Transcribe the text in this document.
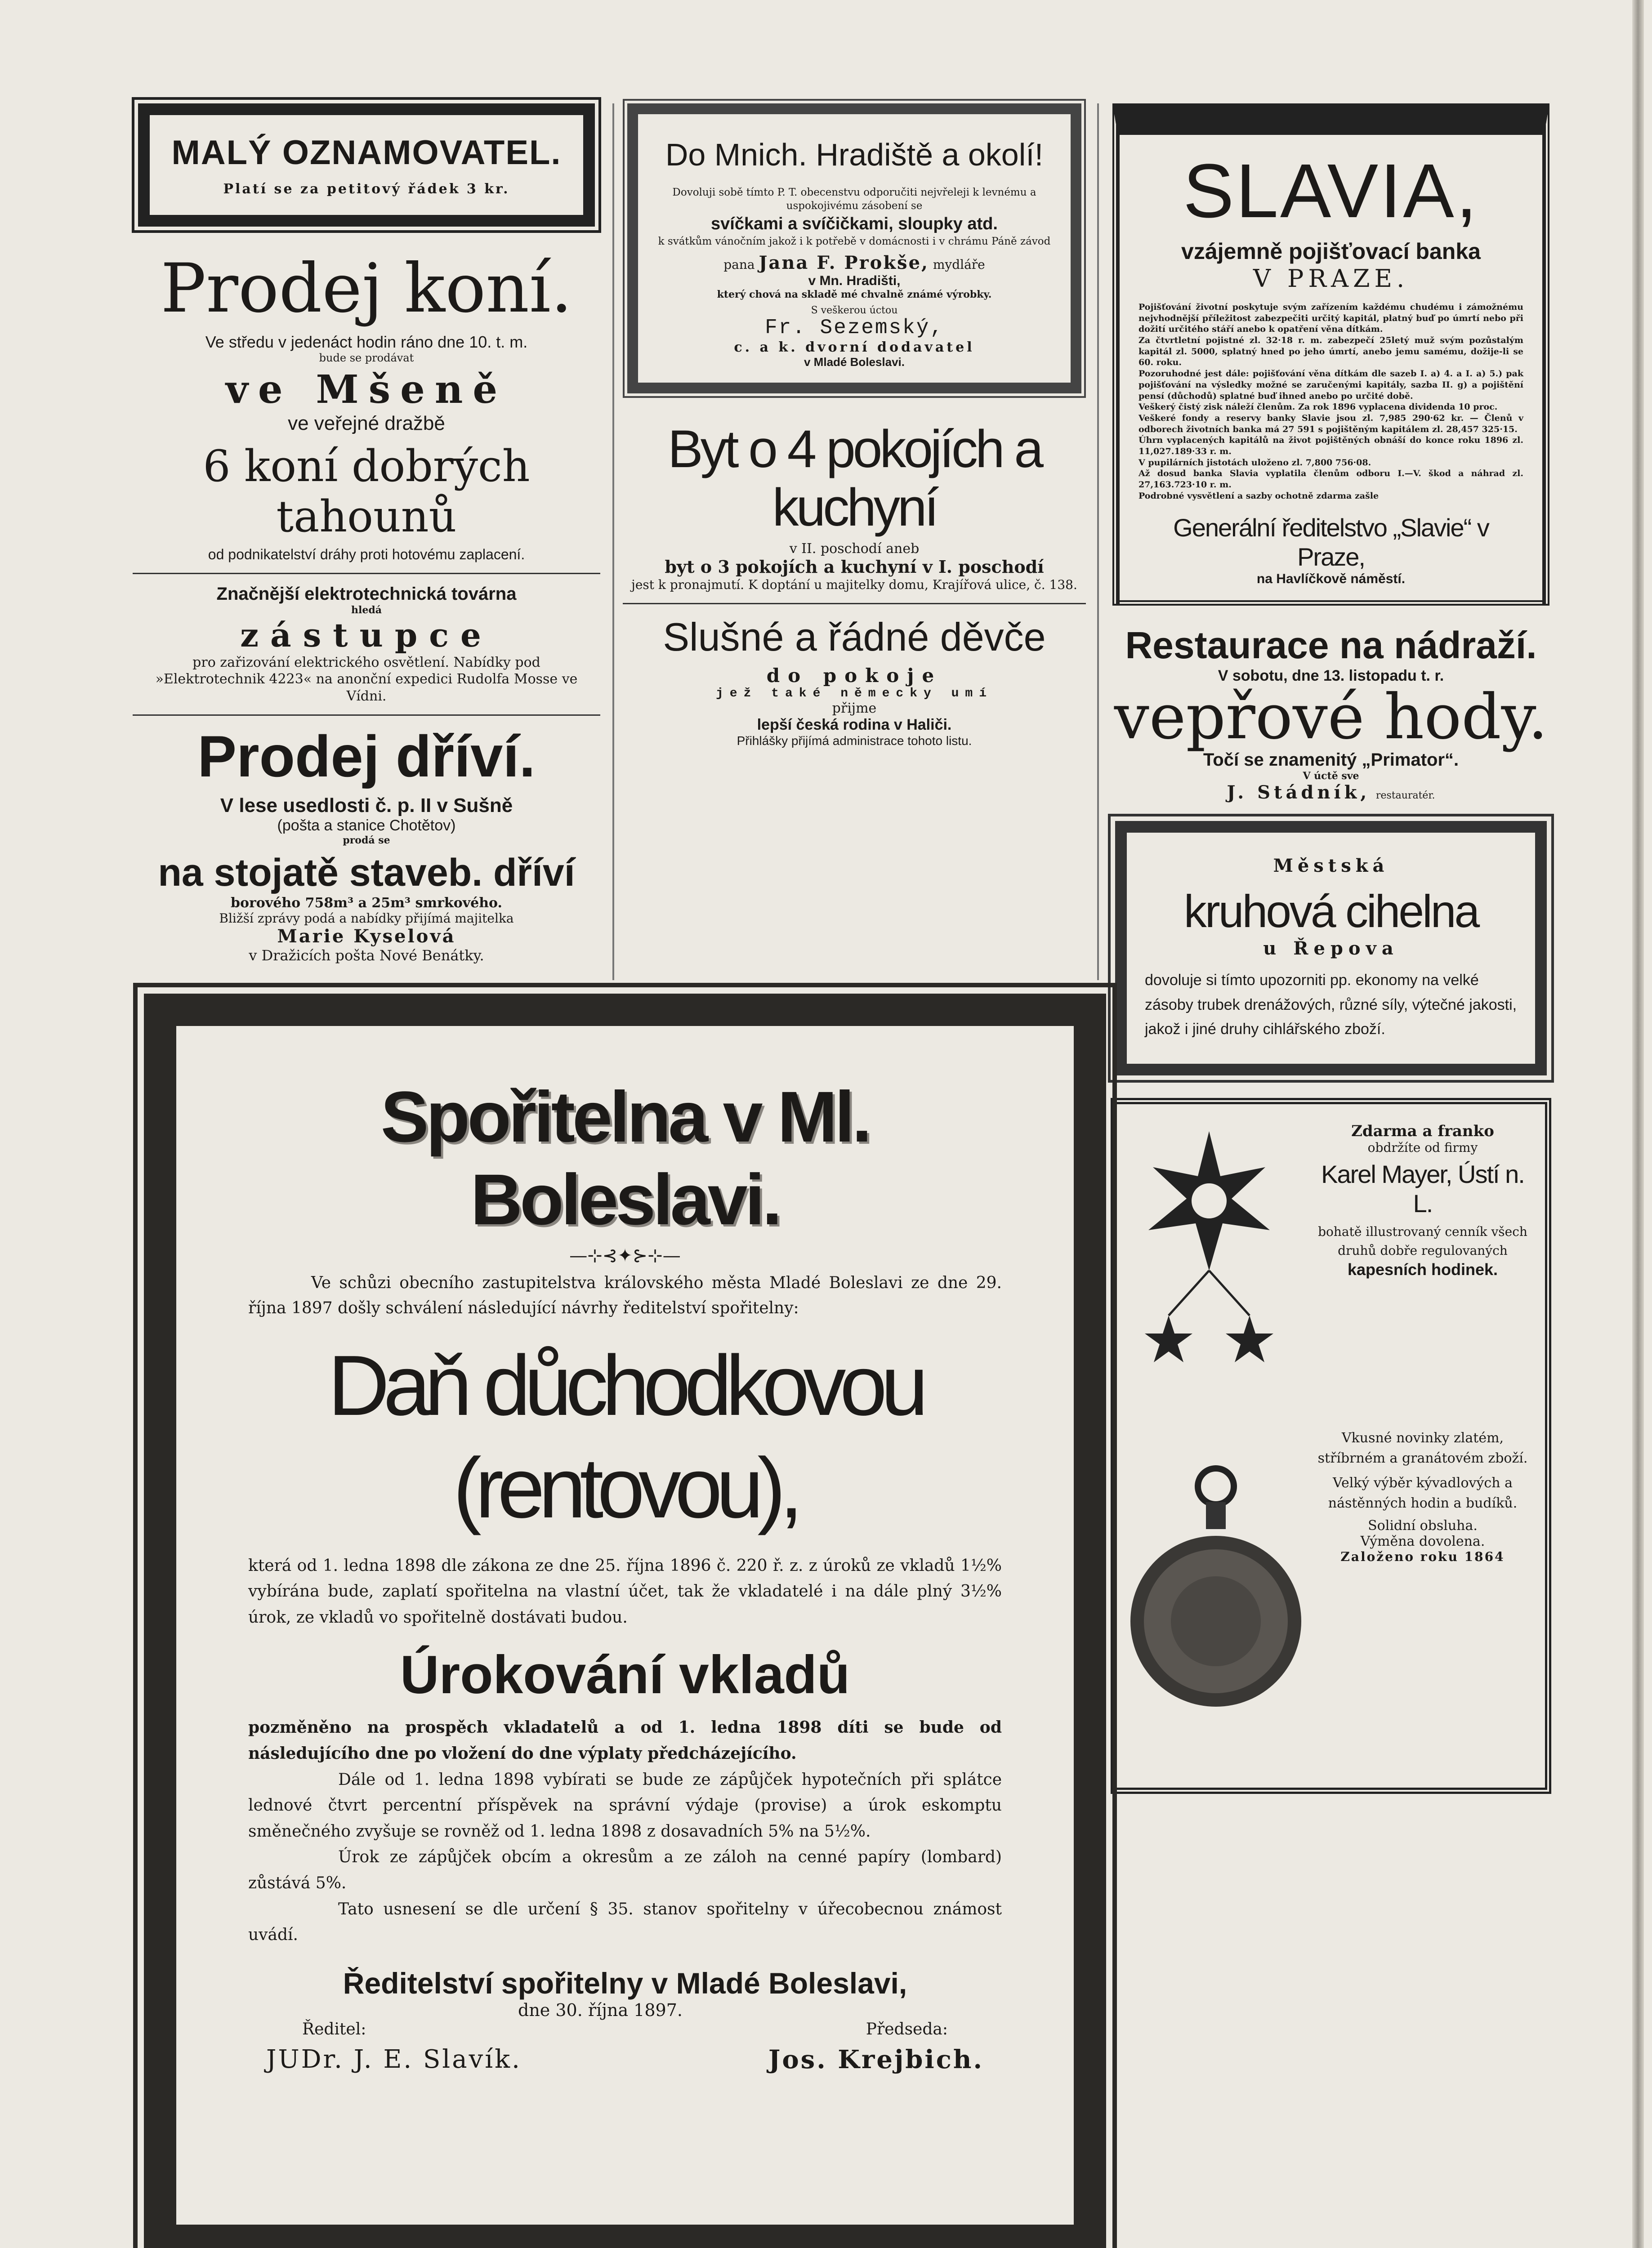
MALÝ OZNAMOVATEL.
Platí se za petitový řádek 3 kr.
Prodej koní.
Ve středu v jedenáct hodin ráno dne 10. t. m.
bude se prodávat
ve Mšeně
ve veřejné dražbě
6 koní dobrých tahounů
od podnikatelství dráhy proti hotovému zaplacení.
Značnější elektrotechnická továrna
hledá
zástupce
pro zařizování elektrického osvětlení. Nabídky pod »Elektrotechnik 4223« na anonční expedici Rudolfa Mosse ve Vídni.
Prodej dříví.
V lese usedlosti č. p. II v Sušně
(pošta a stanice Chotětov)
prodá se
na stojatě staveb. dříví
borového 758m³ a 25m³ smrkového.
Bližší zprávy podá a nabídky přijímá majitelka
Marie Kyselová
v Dražicích pošta Nové Benátky.
Do Mnich. Hradiště a okolí!
Dovoluji sobě tímto P. T. obecenstvu odporučiti nejvřeleji k levnému a uspokojivému zásobení se
svíčkami a svíčičkami, sloupky atd.
k svátkům vánočním jakož i k potřebě v domácnosti i v chrámu Páně závod
pana Jana F. Prokše, mydláře
v Mn. Hradišti,
který chová na skladě mé chvalně známé výrobky.
S veškerou úctou
Fr. Sezemský,
c. a k. dvorní dodavatel
v Mladé Boleslavi.
Byt o 4 pokojích a kuchyní
v II. poschodí aneb
byt o 3 pokojích a kuchyní v I. poschodí
jest k pronajmutí. K doptání u majitelky domu, Krajířová ulice, č. 138.
Slušné a řádné děvče
do pokoje
jež také německy umí
přijme
lepší česká rodina v Haliči.
Přihlášky přijímá administrace tohoto listu.
SLAVIA,
vzájemně pojišťovací banka
V PRAZE.
Pojišťování životní poskytuje svým zařízením každému chudému i zámožnému nejvhodnější příležitost zabezpečiti určitý kapitál, platný buď po úmrtí nebo při dožití určitého stáří anebo k opatření věna dítkám.
Za čtvrtletní pojistné zl. 32·18 r. m. zabezpečí 25letý muž svým pozůstalým kapitál zl. 5000, splatný hned po jeho úmrtí, anebo jemu samému, dožije-li se 60. roku.
Pozoruhodné jest dále: pojišťování věna dítkám dle sazeb I. a) 4. a I. a) 5.) pak pojišťování na výsledky možné se zaručenými kapitály, sazba II. g) a pojištění pensí (důchodů) splatné buď ihned anebo po určité době.
Veškerý čistý zisk náleží členům. Za rok 1896 vyplacena dividenda 10 proc.
Veškeré fondy a reservy banky Slavie jsou zl. 7,985 290·62 kr. — Členů v odborech životních banka má 27 591 s pojištěným kapitálem zl. 28,457 325·15.
Úhrn vyplacených kapitálů na život pojištěných obnáší do konce roku 1896 zl. 11,027.189·33 r. m.
V pupilárních jistotách uloženo zl. 7,800 756·08.
Až dosud banka Slavia vyplatila členům odboru I.—V. škod a náhrad zl. 27,163.723·10 r. m.
Podrobné vysvětlení a sazby ochotně zdarma zašle
Generální ředitelstvo „Slavie“ v Praze,
na Havlíčkově náměstí.
Restaurace na nádraží.
V sobotu, dne 13. listopadu t. r.
vepřové hody.
Točí se znamenitý „Primator“.
V úctě sve
J. Stádník, restauratér.
Městská
kruhová cihelna
u Řepova
dovoluje si tímto upozorniti pp. ekonomy na velké zásoby trubek drenážových, různé síly, výtečné jakosti, jakož i jiné druhy cihlářského zboží.
Zdarma a franko
obdržíte od firmy
Karel Mayer, Ústí n. L.
bohatě illustrovaný cenník všech druhů dobře regulovaných
kapesních hodinek.
Vkusné novinky zlatém, stříbrném a granátovém zboží.
Velký výběr kývadlových a nástěnných hodin a budíků.
Solidní obsluha.
Výměna dovolena.
Založeno roku 1864
Spořitelna v Ml. Boleslavi.
—⊹⊰✦⊱⊹—
Ve schůzi obecního zastupitelstva královského města Mladé Boleslavi ze dne 29. října 1897 došly schválení následující návrhy ředitelství spořitelny:
Daň důchodkovou (rentovou),
která od 1. ledna 1898 dle zákona ze dne 25. října 1896 č. 220 ř. z. z úroků ze vkladů 1½% vybírána bude, zaplatí spořitelna na vlastní účet, tak že vkladatelé i na dále plný 3½% úrok, ze vkladů vo spořitelně dostávati budou.
Úrokování vkladů
pozměněno na prospěch vkladatelů a od 1. ledna 1898 díti se bude od následujícího dne po vložení do dne výplaty předcházejícího.
Dále od 1. ledna 1898 vybírati se bude ze zápůjček hypotečních při splátce lednové čtvrt percentní příspěvek na správní výdaje (provise) a úrok eskomptu směnečného zvyšuje se rovněž od 1. ledna 1898 z dosavadních 5% na 5½%.
Úrok ze zápůjček obcím a okresům a ze záloh na cenné papíry (lombard) zůstává 5%.
Tato usnesení se dle určení § 35. stanov spořitelny v úřecobecnou známost uvádí.
Ředitelství spořitelny v Mladé Boleslavi,
dne 30. října 1897.
Ředitel:	Předseda:
JUDr. J. E. Slavík.	Jos. Krejbich.
